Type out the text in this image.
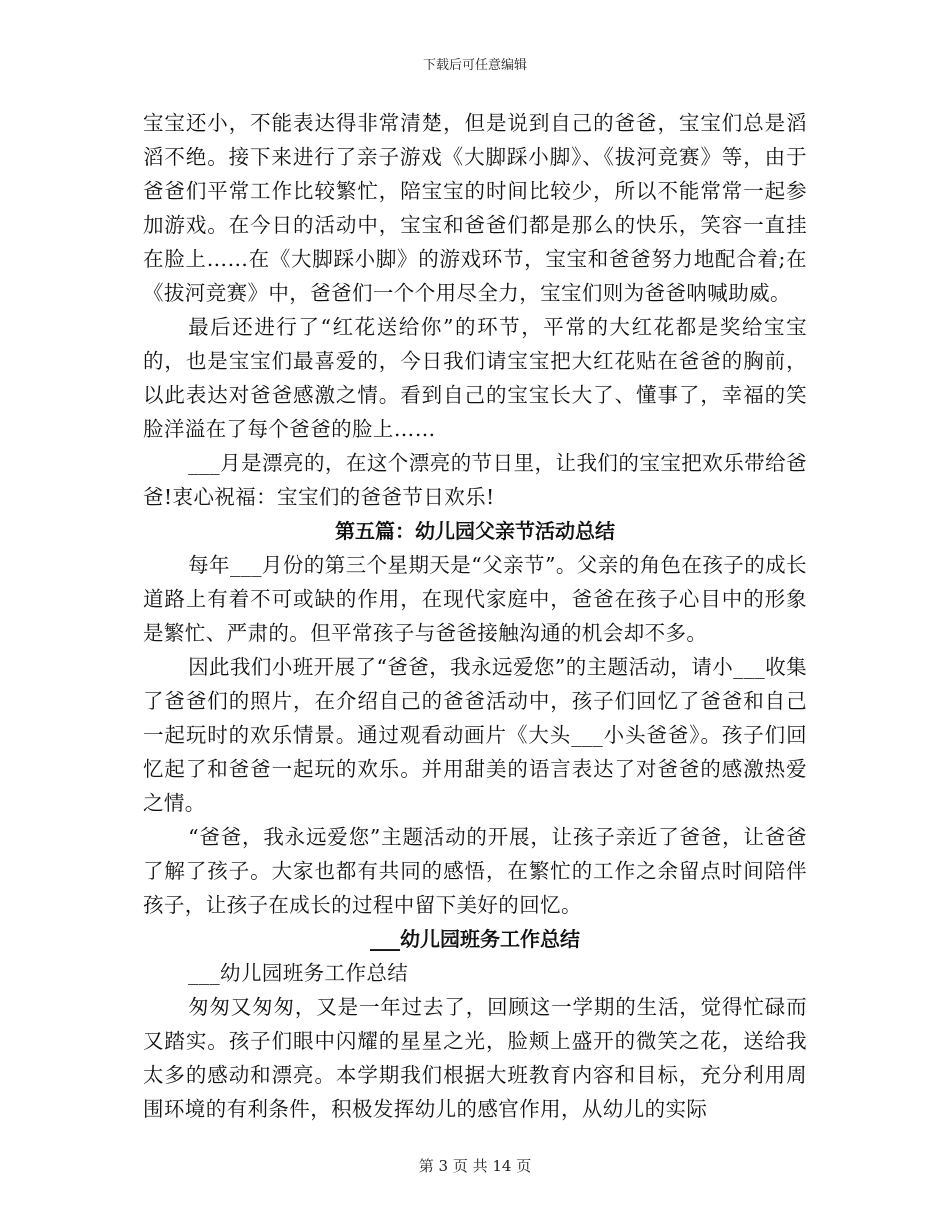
下载后可任意编辑

宝宝还小，不能表达得非常清楚，但是说到自己的爸爸，宝宝们总是滔滔不绝。接下来进行了亲子游戏《大脚踩小脚》、《拔河竞赛》等，由于爸爸们平常工作比较繁忙，陪宝宝的时间比较少，所以不能常常一起参加游戏。在今日的活动中，宝宝和爸爸们都是那么的快乐，笑容一直挂在脸上……在《大脚踩小脚》的游戏环节，宝宝和爸爸努力地配合着;在《拔河竞赛》中，爸爸们一个个用尽全力，宝宝们则为爸爸呐喊助威。

最后还进行了“红花送给你”的环节，平常的大红花都是奖给宝宝的，也是宝宝们最喜爱的，今日我们请宝宝把大红花贴在爸爸的胸前，以此表达对爸爸感激之情。看到自己的宝宝长大了、懂事了，幸福的笑脸洋溢在了每个爸爸的脸上……

___月是漂亮的，在这个漂亮的节日里，让我们的宝宝把欢乐带给爸爸!衷心祝福：宝宝们的爸爸节日欢乐!

第五篇：幼儿园父亲节活动总结

每年___月份的第三个星期天是“父亲节”。父亲的角色在孩子的成长道路上有着不可或缺的作用，在现代家庭中，爸爸在孩子心目中的形象是繁忙、严肃的。但平常孩子与爸爸接触沟通的机会却不多。

因此我们小班开展了“爸爸，我永远爱您”的主题活动，请小___收集了爸爸们的照片，在介绍自己的爸爸活动中，孩子们回忆了爸爸和自己一起玩时的欢乐情景。通过观看动画片《大头___小头爸爸》。孩子们回忆起了和爸爸一起玩的欢乐。并用甜美的语言表达了对爸爸的感激热爱之情。

“爸爸，我永远爱您”主题活动的开展，让孩子亲近了爸爸，让爸爸了解了孩子。大家也都有共同的感悟，在繁忙的工作之余留点时间陪伴孩子，让孩子在成长的过程中留下美好的回忆。

___幼儿园班务工作总结

___幼儿园班务工作总结

匆匆又匆匆，又是一年过去了，回顾这一学期的生活，觉得忙碌而又踏实。孩子们眼中闪耀的星星之光，脸颊上盛开的微笑之花，送给我太多的感动和漂亮。本学期我们根据大班教育内容和目标，充分利用周围环境的有利条件，积极发挥幼儿的感官作用，从幼儿的实际

第 3 页 共 14 页
